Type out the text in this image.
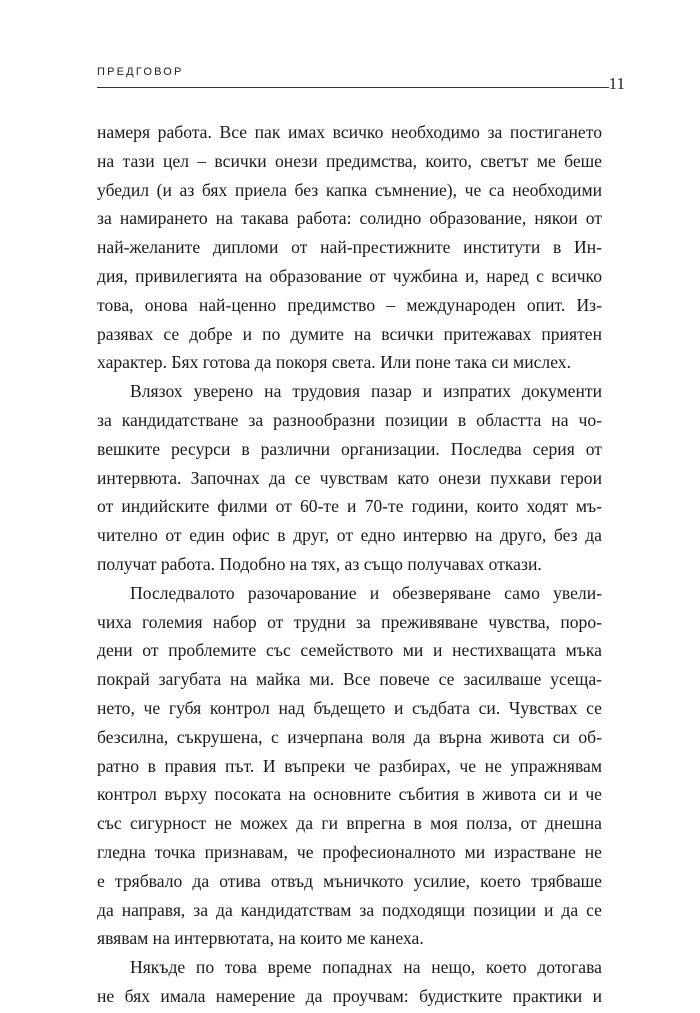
ПРЕДГОВОР
11

намеря работа. Все пак имах всичко необходимо за постигането
на тази цел – всички онези предимства, които, светът ме беше
убедил (и аз бях приела без капка съмнение), че са необходими
за намирането на такава работа: солидно образование, някои от
най-желаните дипломи от най-престижните институти в Ин-
дия, привилегията на образование от чужбина и, наред с всичко
това, онова най-ценно предимство – международен опит. Из-
разявах се добре и по думите на всички притежавах приятен
характер. Бях готова да покоря света. Или поне така си мислех.

Влязох уверено на трудовия пазар и изпратих документи
за кандидатстване за разнообразни позиции в областта на чо-
вешките ресурси в различни организации. Последва серия от
интервюта. Започнах да се чувствам като онези пухкави герои
от индийските филми от 60-те и 70-те години, които ходят мъ-
чително от един офис в друг, от едно интервю на друго, без да
получат работа. Подобно на тях, аз също получавах откази.

Последвалото разочарование и обезверяване само увели-
чиха големия набор от трудни за преживяване чувства, поро-
дени от проблемите със семейството ми и нестихващата мъка
покрай загубата на майка ми. Все повече се засилваше усеща-
нето, че губя контрол над бъдещето и съдбата си. Чувствах се
безсилна, съкрушена, с изчерпана воля да върна живота си об-
ратно в правия път. И въпреки че разбирах, че не упражнявам
контрол върху посоката на основните събития в живота си и че
със сигурност не можех да ги впрегна в моя полза, от днешна
гледна точка признавам, че професионалното ми израстване не
е трябвало да отива отвъд мъничкото усилие, което трябваше
да направя, за да кандидатствам за подходящи позиции и да се
явявам на интервютата, на които ме канеха.

Някъде по това време попаднах на нещо, което дотогава
не бях имала намерение да проучвам: будистките практики и
